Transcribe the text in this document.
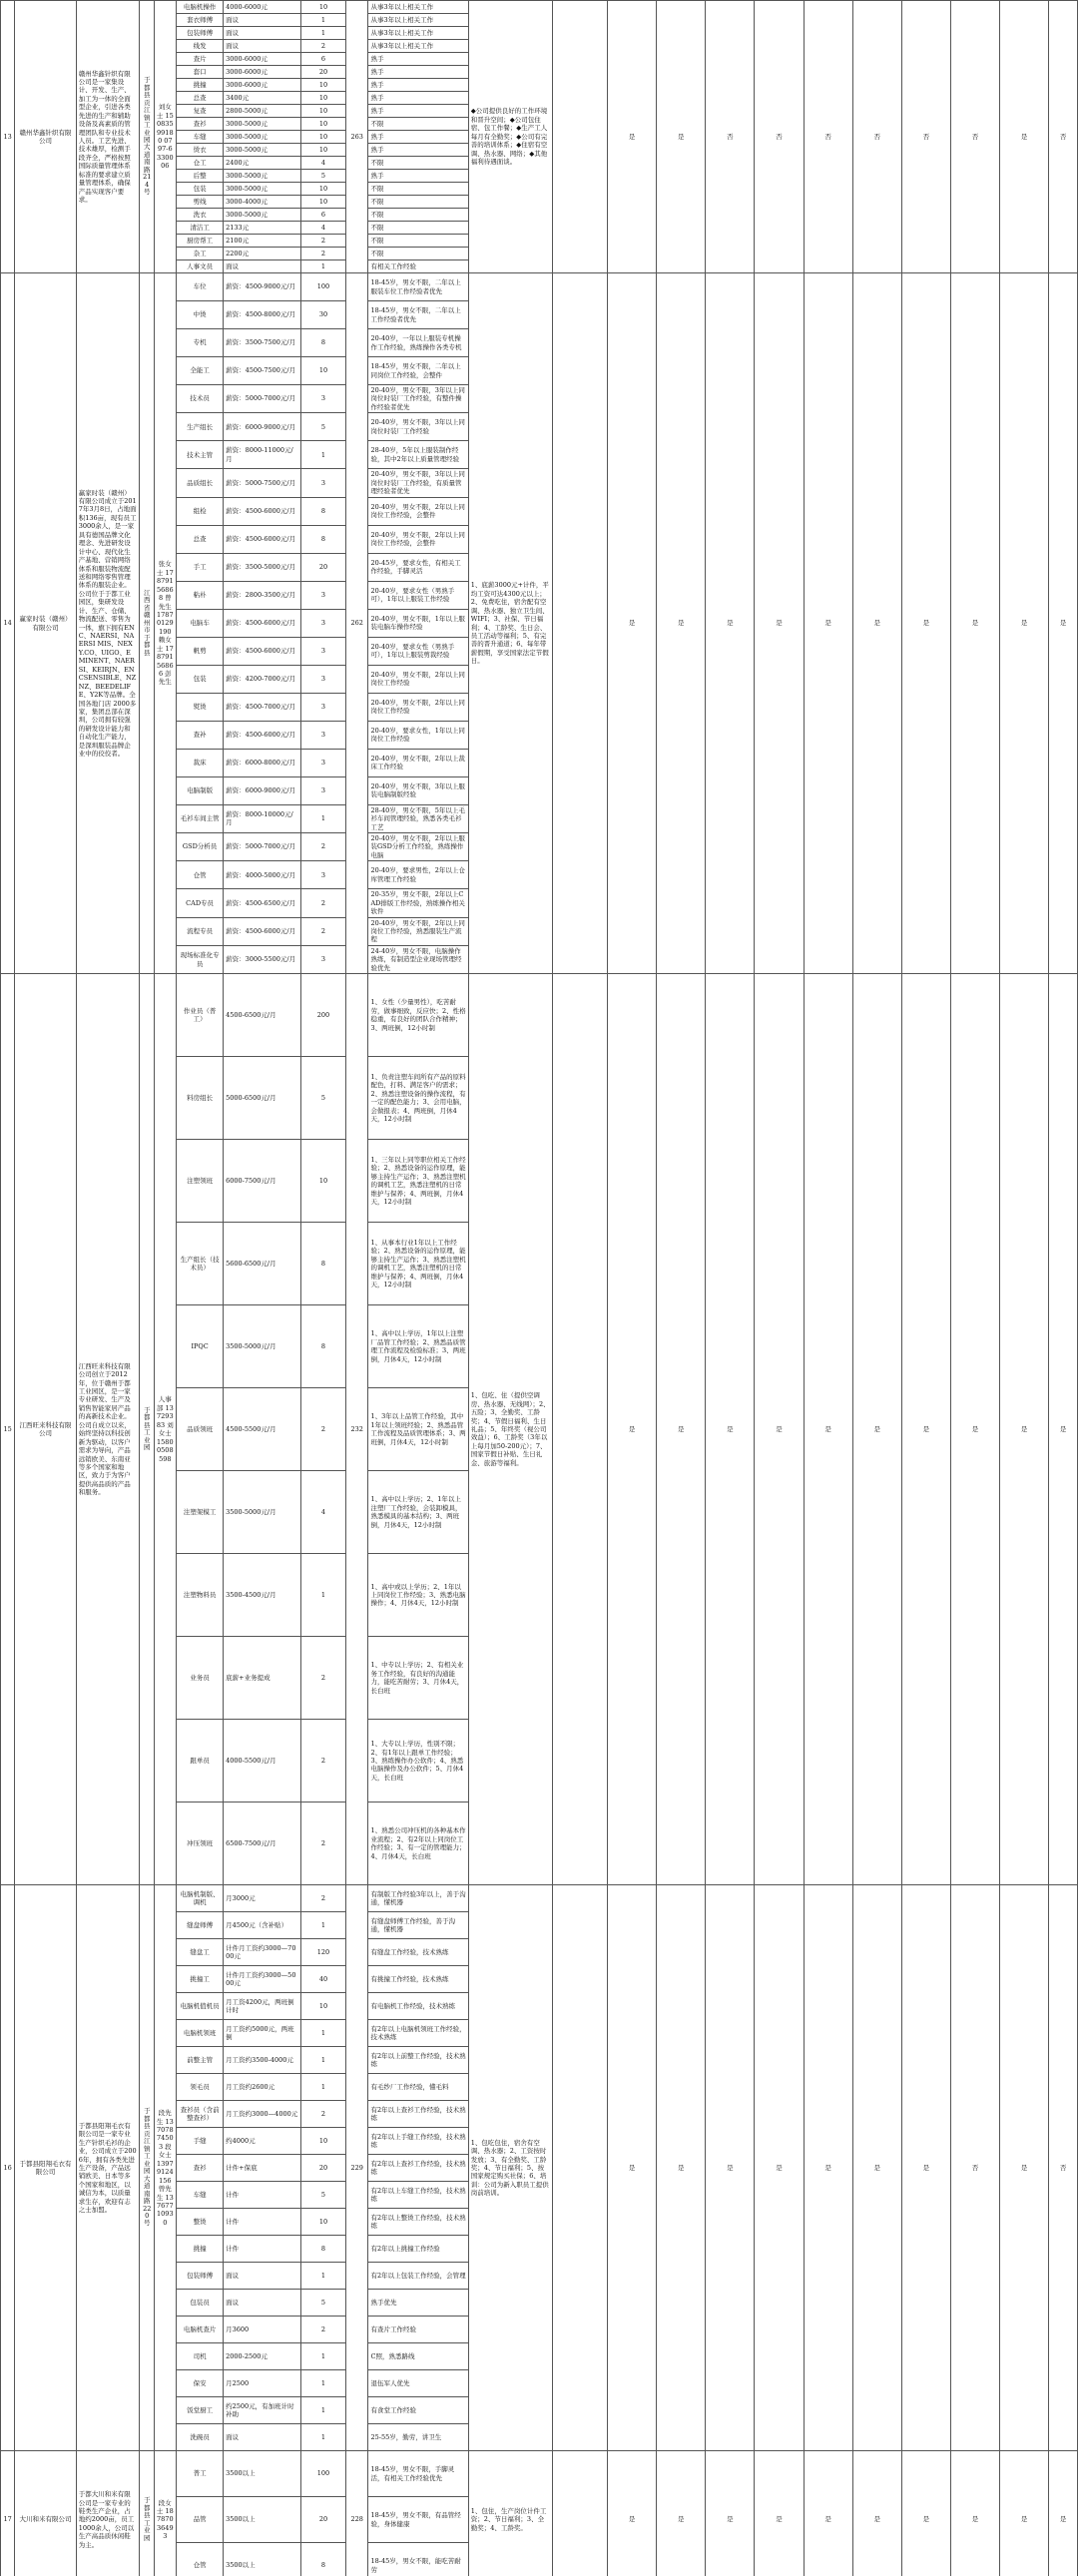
13	赣州华鑫针织有限公司	赣州华鑫针织有限公司是一家集设计、开发、生产、加工为一体的全面型企业，引进各类先进的生产和辅助设备及高素质的管理团队和专业技术人员。工艺先进、技术雄厚，检测手段齐全，严格按照国际质量管理体系标准的要求建立质量管理体系，确保产品实现客户要求。	于都县贡江镇工业园大道南路214号	刘女士 15083599180 0797-6330006	电脑机操作	4000-6000元	10	263	从事3年以上相关工作	◆公司提供良好的工作环境和晋升空间；◆公司包住宿、包工作餐；◆生产工人每月有全勤奖；◆公司有完善的培训体系；◆住宿有空调、热水器、网络；◆其他福利待遇面谈。		是	是	否	否	否	否	否	否	是	否
					套衣师傅	面议	1		从事3年以上相关工作												
					包装师傅	面议	1		从事3年以上相关工作												
					线发	面议	2		从事3年以上相关工作												
					查片	3000-6000元	6		熟手												
					套口	3000-6000元	20		熟手												
					挑撞	3000-6000元	10		熟手												
					总查	3400元	10		熟手												
					复查	2800-5000元	10		熟手												
					查衫	3000-5000元	10		不限												
					车缝	3000-5000元	10		熟手												
					烫衣	3000-5000元	10		熟手												
					仓工	2400元	4		不限												
					后整	3000-5000元	5		熟手												
					包装	3000-5000元	10		不限												
					剪线	3000-4000元	10		不限												
					洗衣	3000-5000元	6		不限												
					清洁工	2133元	4		不限												
					厨房帮工	2100元	2		不限												
					杂工	2200元	2		不限												
					人事文员	面议	1		有相关工作经验												
14	赢家时装（赣州）有限公司	赢家时装（赣州）有限公司成立于2017年3月8日，占地面积136亩，现有员工3000余人，是一家具有德国品牌文化理念、先进研发设计中心、现代化生产基地、营销网络体系和服装物流配送和网络零售管理体系的服装企业。公司位于于都工业园区，集研发设计、生产、仓储、物流配送、零售为一体，旗下拥有ENC、NAERSI、NAERSI MIS、NEXY.CO、UIGO、EMINENT、NAERSI、KEIRJN、ENCSENSIBLE、NZNZ、BEEDELIFE、Y2K等品牌。全国各地门店 2000多家，集团总部在深圳，公司拥有较强的研发设计能力和自动化生产能力，是深圳服装品牌企业中的佼佼者。	江西省赣州市于都县	张女士 17879156868 曾先生 17870129190 赖女士 17879156866 彭先生	车位	薪资：4500-9000元/月	100	262	18-45岁，男女不限，二年以上服装车位工作经验者优先	1、底薪3000元+计件，平均工资可达4300元以上；2、免费吃住，宿舍配有空调、热水器、独立卫生间、WIFI；3、社保、节日福利；4、工龄奖、生日会、员工活动等福利；5、有完善的晋升通道；6、每年带薪假期，享受国家法定节假日。		是	是	是	是	是	是	是	是	是	是
					中烫	薪资：4500-8000元/月	30		18-45岁，男女不限，二年以上工作经验者优先												
					专机	薪资：3500-7500元/月	8		20-40岁，一年以上服装专机操作工作经验，熟练操作各类专机												
					全能工	薪资：4500-7500元/月	10		18-45岁，男女不限，二年以上同岗位工作经验，会整件												
					技术员	薪资：5000-7000元/月	3		20-40岁，男女不限，3年以上同岗位时装厂工作经验，有整件操作经验者优先												
					生产组长	薪资：6000-9000元/月	5		20-40岁，男女不限，3年以上同岗位时装厂工作经验												
					技术主管	薪资：8000-11000元/月	1		28-40岁，5年以上服装制作经验，其中2年以上质量管理经验												
					品质组长	薪资：5000-7500元/月	3		20-40岁，男女不限，3年以上同岗位时装厂工作经验，有质量管理经验者优先												
					组检	薪资：4500-6000元/月	8		20-40岁，男女不限，2年以上同岗位工作经验，会整件												
					总查	薪资：4500-6000元/月	8		20-40岁，男女不限，2年以上同岗位工作经验，会整件												
					手工	薪资：3500-5000元/月	20		20-45岁，要求女性，有相关工作经验，手脚灵活												
					粘朴	薪资：2800-3500元/月	3		20-40岁，要求女性（男熟手可），1年以上服装工作经验												
					电脑车	薪资：4500-6000元/月	3		20-40岁，男女不限，1年以上服装电脑车操作经验												
					帆剪	薪资：4500-6000元/月	3		20-40岁，要求女性（男熟手可），1年以上服装剪裁经验												
					包装	薪资：4200-7000元/月	3		20-40岁，男女不限，2年以上同岗位工作经验												
					熨烫	薪资：4500-7000元/月	3		20-40岁，男女不限，2年以上同岗位工作经验												
					查补	薪资：4500-6000元/月	3		20-40岁，要求女性，1年以上同岗位工作经验												
					裁床	薪资：6000-8000元/月	3		20-40岁，男女不限，2年以上裁床工作经验												
					电脑制版	薪资：6000-9000元/月	3		20-40岁，男女不限，3年以上服装电脑制版经验												
					毛衫车间主管	薪资：8000-10000元/月	1		28-40岁，男女不限，5年以上毛衫车间管理经验，熟悉各类毛衫工艺												
					GSD分析员	薪资：5000-7000元/月	2		20-40岁，男女不限，2年以上服装GSD分析工作经验，熟练操作电脑												
					仓管	薪资：4000-5000元/月	3		20-40岁，要求男性，2年以上仓库管理工作经验												
					CAD专员	薪资：4500-6500元/月	2		20-35岁，男女不限，2年以上CAD排版工作经验，熟练操作相关软件												
					流程专员	薪资：4500-6000元/月	2		20-40岁，男女不限，2年以上同岗位工作经验，熟悉服装生产流程												
					现场标准化专员	薪资：3000-5500元/月	3		24-40岁，男女不限，电脑操作熟练，有制造型企业现场管理经验优先												
15	江西旺来科技有限公司	江西旺来科技有限公司创立于2012年，位于赣州于都工业园区，是一家专业研发、生产及销售智能家居产品的高新技术企业。公司自成立以来，始终坚持以科技创新为驱动，以客户需求为导向，产品远销欧美、东南亚等多个国家和地区，致力于为客户提供高品质的产品和服务。	于都县工业园	人事部 13729383 刘女士 15800508598	作业员（普工）	4500-6500元/月	200	232	1、女性（少量男性），吃苦耐劳，做事细致，反应快；2、性格稳重，有良好的团队合作精神；3、两班倒，12小时制	1、包吃、住（提供空调房、热水器、无线网）；2、五险；3、全勤奖、工龄奖；4、节假日福利、生日礼品；5、年终奖（视公司效益）；6、工龄奖（3年以上每月加50-200元）；7、国家节假日补贴、生日礼金、旅游等福利。		是	是	是	是	是	是	是	是	是	是
					料房组长	5000-6500元/月	5		1、负责注塑车间所有产品的原料配色，打料、满足客户的需求；2、熟悉注塑设备的操作流程，有一定的配色能力；3、会用电脑，会做报表；4、两班倒，月休4天，12小时制												
					注塑领班	6000-7500元/月	10		1、三年以上同等职位相关工作经验；2、熟悉设备的运作原理，能够主持生产运作；3、熟悉注塑机的调机工艺，熟悉注塑机的日常维护与保养；4、两班倒，月休4天，12小时制												
					生产组长（技术员）	5600-6500元/月	8		1、从事本行业1年以上工作经验；2、熟悉设备的运作原理，能够主持生产运作；3、熟悉注塑机的调机工艺，熟悉注塑机的日常维护与保养；4、两班倒，月休4天，12小时制												
					IPQC	3500-5000元/月	8		1、高中以上学历，1年以上注塑厂品管工作经验；2、熟悉品质管理工作流程及检验标准；3、两班倒，月休4天，12小时制												
					品质领班	4500-5500元/月	2		1、3年以上品管工作经验，其中1年以上领班经验；2、熟悉品管工作流程及品质管理体系；3、两班倒，月休4天，12小时制												
					注塑架模工	3500-5000元/月	4		1、高中以上学历；2、1年以上注塑厂工作经验，会装卸模具，熟悉模具的基本结构；3、两班倒，月休4天，12小时制												
					注塑物料员	3500-4500元/月	1		1、高中或以上学历；2、1年以上同岗位工作经验；3、熟悉电脑操作；4、月休4天，12小时制												
					业务员	底薪+业务提成	2		1、中专以上学历；2、有相关业务工作经验，有良好的沟通能力，能吃苦耐劳；3、月休4天，长白班												
					跟单员	4000-5500元/月	2		1、大专以上学历，性别不限；2、有1年以上跟单工作经验；3、熟练操作办公软件；4、熟悉电脑操作及办公软件；5、月休4天，长白班												
					冲压领班	6500-7500元/月	2		1、熟悉公司冲压机的各种基本作业流程；2、有2年以上同岗位工作经验；3、有一定的管理能力；4、月休4天，长白班												
16	于都县阳翔毛衣有限公司	于都县阳翔毛衣有限公司是一家专业生产针织毛衫的企业，公司成立于2006年，拥有各类先进生产设备，产品远销欧美、日本等多个国家和地区，以诚信为本，以质量求生存，欢迎有志之士加盟。	于都县贡江镇工业园大道南路220号	段先生 13707874503 段女士 13979124156 曾先生 13767710930	电脑机制版、调机	月3000元	2	229	有制版工作经验3年以上，善于沟通，懂机器	1、包吃包住，宿舍有空调、热水器；2、工资按时发放；3、有全勤奖、工龄奖；4、节日福利；5、按国家规定购买社保；6、培训：公司为新入职员工提供岗前培训。		是	是	是	是	是	是	是	否	是	否
					缝盘师傅	月4500元（含补贴）	1		有缝盘师傅工作经验，善于沟通，懂机器												
					缝盘工	计件月工资约3000—7000元	120		有缝盘工作经验，技术熟练												
					挑撞工	计件月工资约3000—5000元	40		有挑撞工作经验，技术熟练												
					电脑机值机员	月工资4200元，两班倒计时	10		有电脑机工作经验，技术熟练												
					电脑机领班	月工资约5000元，两班倒	1		有2年以上电脑机领班工作经验，技术熟练												
					前整主管	月工资约3500-4000元	1		有2年以上前整工作经验，技术熟练												
					领毛员	月工资约2600元	1		有毛纱厂工作经验，懂毛料												
					查衫员（含前整查衫）	月工资约3000—4000元	2		有2年以上查衫工作经验，技术熟练												
					手缝	约4000元	10		有2年以上手缝工作经验，技术熟练												
					查衫	计件+保底	20		有2年以上查衫工作经验，技术熟练												
					车缝	计件	5		有2年以上车缝工作经验，技术熟练												
					整烫	计件	10		有2年以上整烫工作经验，技术熟练												
					挑撞	计件	8		有2年以上挑撞工作经验												
					包装师傅	面议	1		有2年以上包装工作经验，会管理												
					包装员	面议	5		熟手优先												
					电脑机查片	月3600	2		有查片工作经验												
					司机	2000-2500元	1		C照，熟悉路线												
					保安	月2500	1		退伍军人优先												
					饭堂厨工	约2500元，有加班计时补助	1		有食堂工作经验												
					洗碗员	面议	1		25-55岁，勤劳，讲卫生												
17	大川和米有限公司	于都大川和米有限公司是一家专业的鞋类生产企业，占地约2000亩，员工1000余人，公司以生产高品质休闲鞋为主。	于都县工业园	段女士 18787036493	普工	3500以上	100	228	18-45岁，男女不限，手脚灵活，有相关工作经验优先	1、包住，生产岗位计件工资；2、节日福利；3、全勤奖；4、工龄奖。		是	是	是	是	是	是	是	是	是	是
					品管	3500以上	20		18-45岁，男女不限，有品管经验，身体健康												
					仓管	3500以上	8		18-45岁，男女不限，能吃苦耐劳												
